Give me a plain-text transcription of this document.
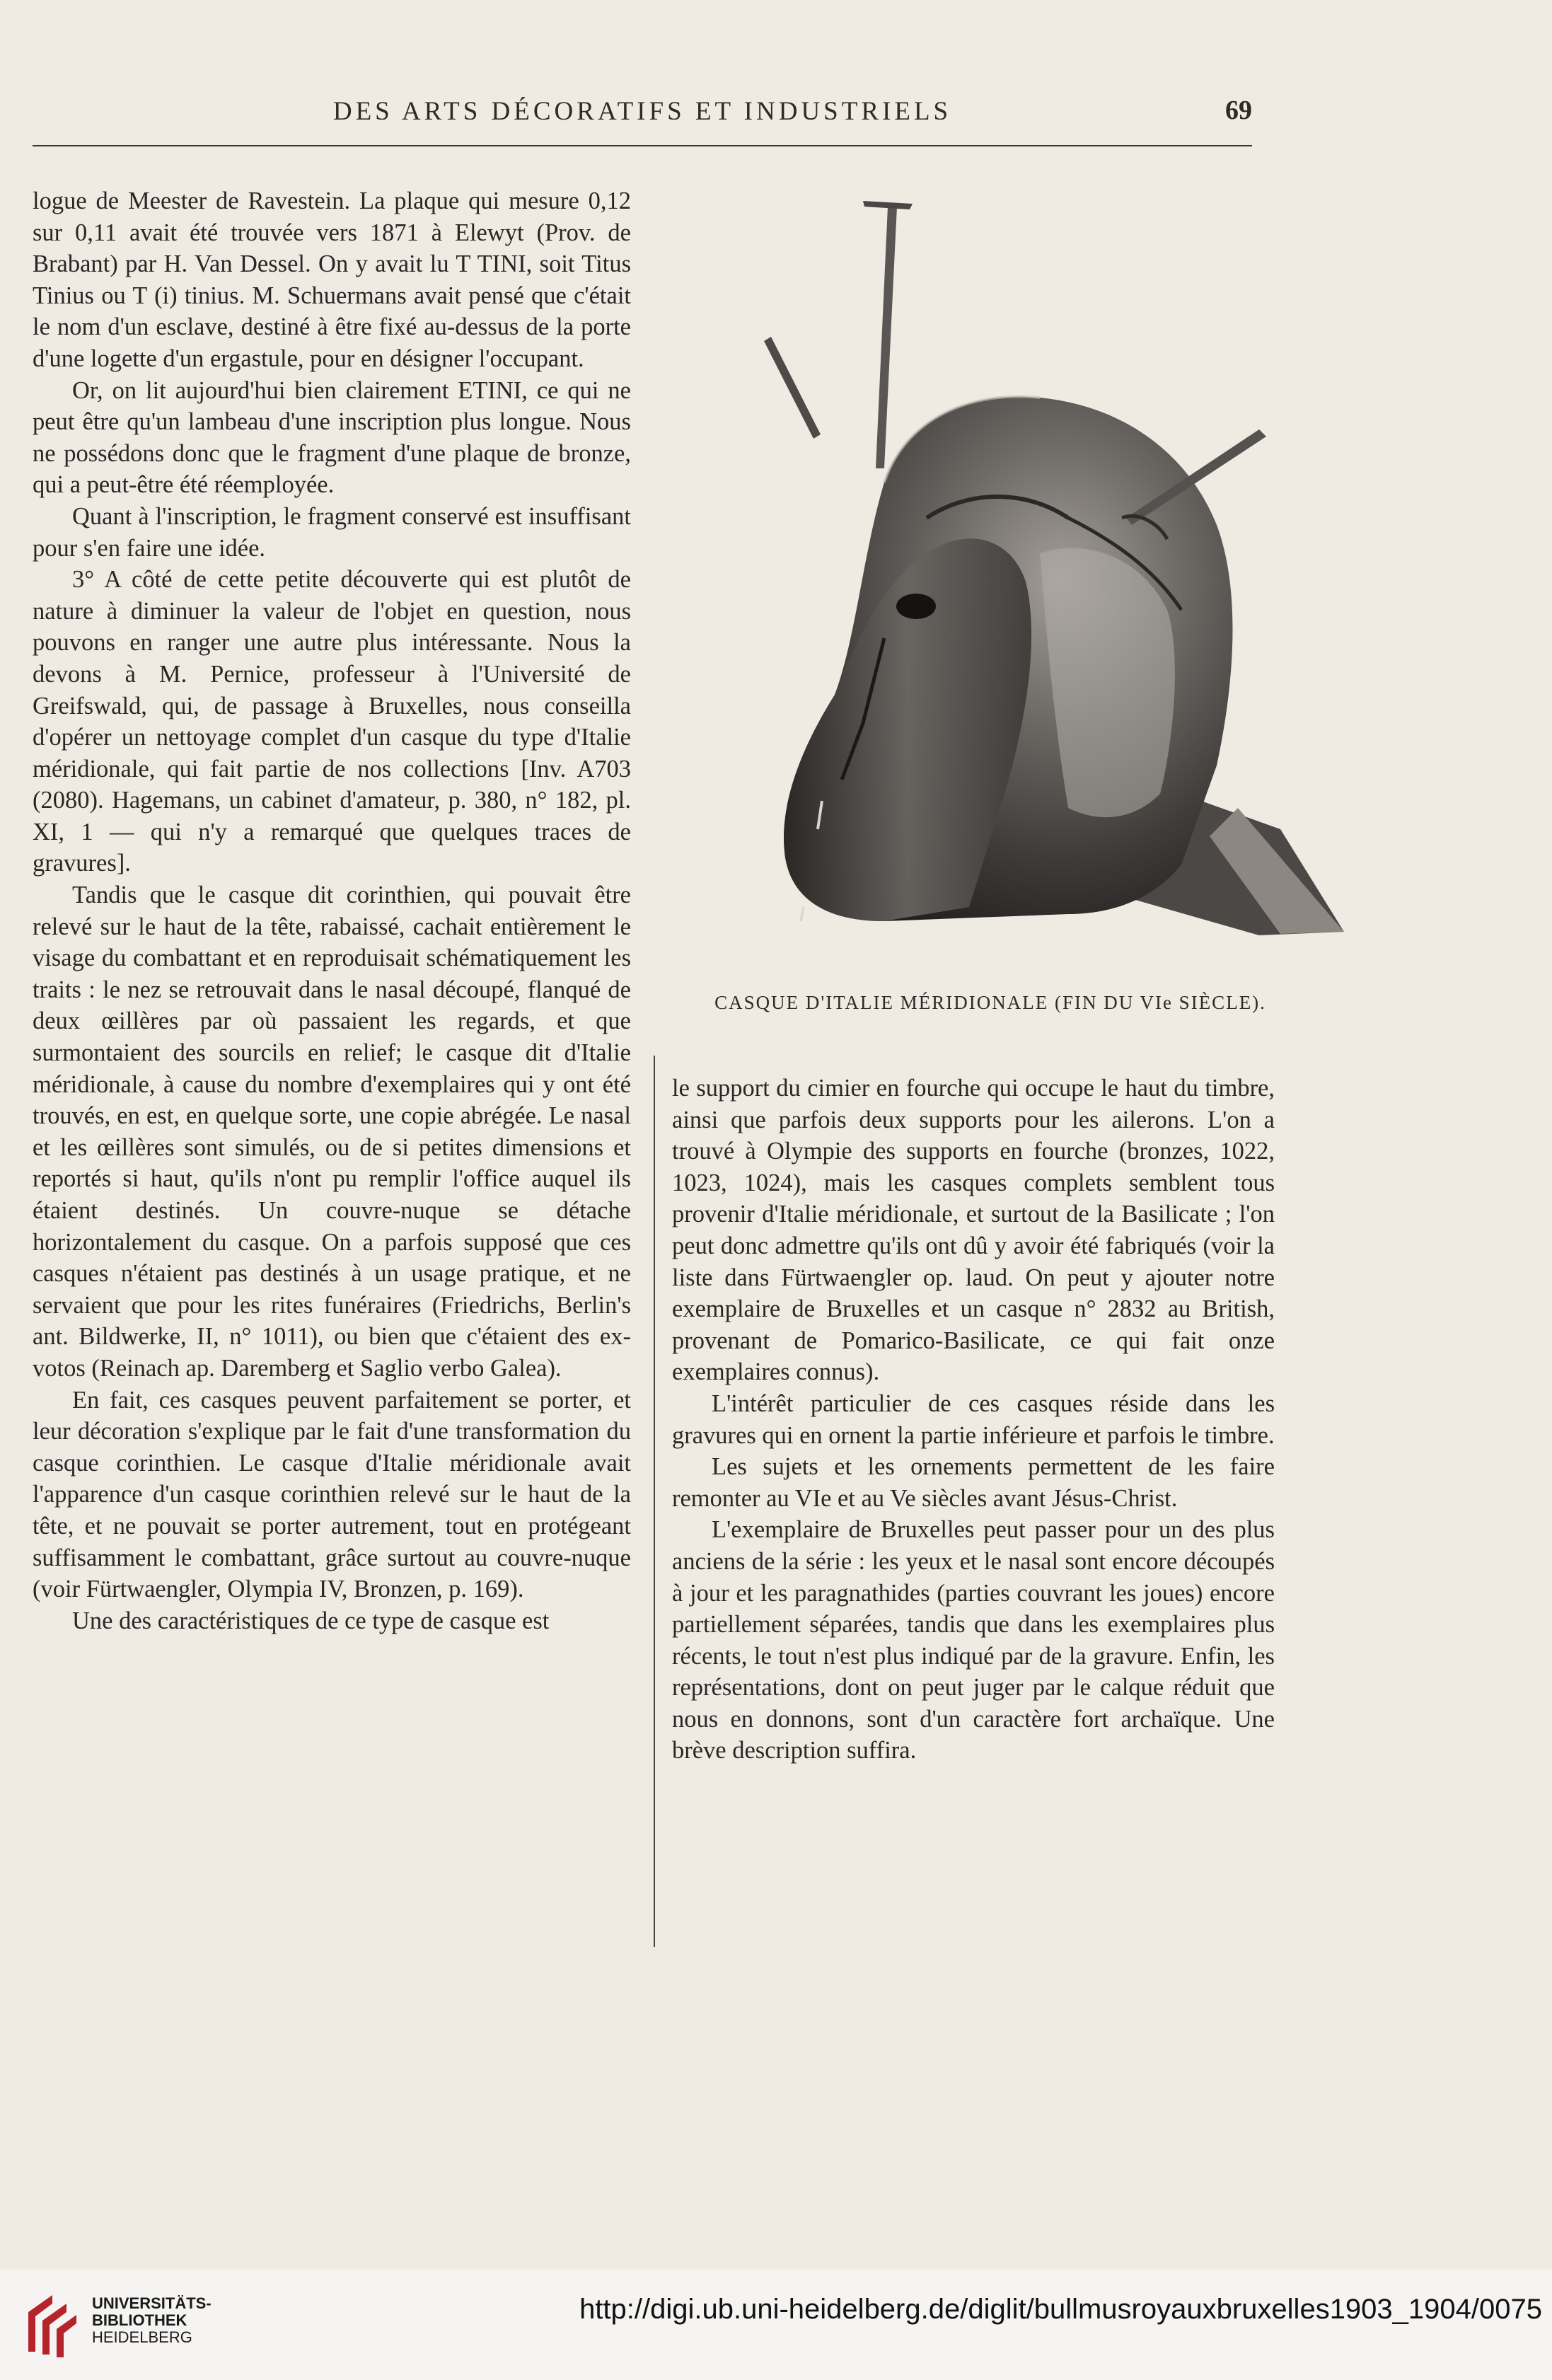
DES ARTS DÉCORATIFS ET INDUSTRIELS	69

logue de Meester de Ravestein. La plaque qui mesure 0,12 sur 0,11 avait été trouvée vers 1871 à Elewyt (Prov. de Brabant) par H. Van Dessel. On y avait lu T TINI, soit Titus Tinius ou T (i) tinius. M. Schuermans avait pensé que c'était le nom d'un esclave, destiné à être fixé au-dessus de la porte d'une logette d'un ergastule, pour en désigner l'occupant.

Or, on lit aujourd'hui bien clairement ETINI, ce qui ne peut être qu'un lambeau d'une inscription plus longue. Nous ne possédons donc que le fragment d'une plaque de bronze, qui a peut-être été réemployée.

Quant à l'inscription, le fragment conservé est insuffisant pour s'en faire une idée.

3° A côté de cette petite découverte qui est plutôt de nature à diminuer la valeur de l'objet en question, nous pouvons en ranger une autre plus intéressante. Nous la devons à M. Pernice, professeur à l'Université de Greifswald, qui, de passage à Bruxelles, nous conseilla d'opérer un nettoyage complet d'un casque du type d'Italie méridionale, qui fait partie de nos collections [Inv. A703 (2080). Hagemans, un cabinet d'amateur, p. 380, n° 182, pl. XI, 1 — qui n'y a remarqué que quelques traces de gravures].

Tandis que le casque dit corinthien, qui pouvait être relevé sur le haut de la tête, rabaissé, cachait entièrement le visage du combattant et en reproduisait schématiquement les traits : le nez se retrouvait dans le nasal découpé, flanqué de deux œillères par où passaient les regards, et que surmontaient des sourcils en relief; le casque dit d'Italie méridionale, à cause du nombre d'exemplaires qui y ont été trouvés, en est, en quelque sorte, une copie abrégée. Le nasal et les œillères sont simulés, ou de si petites dimensions et reportés si haut, qu'ils n'ont pu remplir l'office auquel ils étaient destinés. Un couvre-nuque se détache horizontalement du casque. On a parfois supposé que ces casques n'étaient pas destinés à un usage pratique, et ne servaient que pour les rites funéraires (Friedrichs, Berlin's ant. Bildwerke, II, n° 1011), ou bien que c'étaient des ex-votos (Reinach ap. Daremberg et Saglio verbo Galea).

En fait, ces casques peuvent parfaitement se porter, et leur décoration s'explique par le fait d'une transformation du casque corinthien. Le casque d'Italie méridionale avait l'apparence d'un casque corinthien relevé sur le haut de la tête, et ne pouvait se porter autrement, tout en protégeant suffisamment le combattant, grâce surtout au couvre-nuque (voir Fürtwaengler, Olympia IV, Bronzen, p. 169).

Une des caractéristiques de ce type de casque est

CASQUE D'ITALIE MÉRIDIONALE (FIN DU VIe SIÈCLE).

le support du cimier en fourche qui occupe le haut du timbre, ainsi que parfois deux supports pour les ailerons. L'on a trouvé à Olympie des supports en fourche (bronzes, 1022, 1023, 1024), mais les casques complets semblent tous provenir d'Italie méridionale, et surtout de la Basilicate ; l'on peut donc admettre qu'ils ont dû y avoir été fabriqués (voir la liste dans Fürtwaengler op. laud. On peut y ajouter notre exemplaire de Bruxelles et un casque n° 2832 au British, provenant de Pomarico-Basilicate, ce qui fait onze exemplaires connus).

L'intérêt particulier de ces casques réside dans les gravures qui en ornent la partie inférieure et parfois le timbre.

Les sujets et les ornements permettent de les faire remonter au VIe et au Ve siècles avant Jésus-Christ.

L'exemplaire de Bruxelles peut passer pour un des plus anciens de la série : les yeux et le nasal sont encore découpés à jour et les paragnathides (parties couvrant les joues) encore partiellement séparées, tandis que dans les exemplaires plus récents, le tout n'est plus indiqué par de la gravure. Enfin, les représentations, dont on peut juger par le calque réduit que nous en donnons, sont d'un caractère fort archaïque. Une brève description suffira.

UNIVERSITÄTS-
BIBLIOTHEK
HEIDELBERG
http://digi.ub.uni-heidelberg.de/diglit/bullmusroyauxbruxelles1903_1904/0075
